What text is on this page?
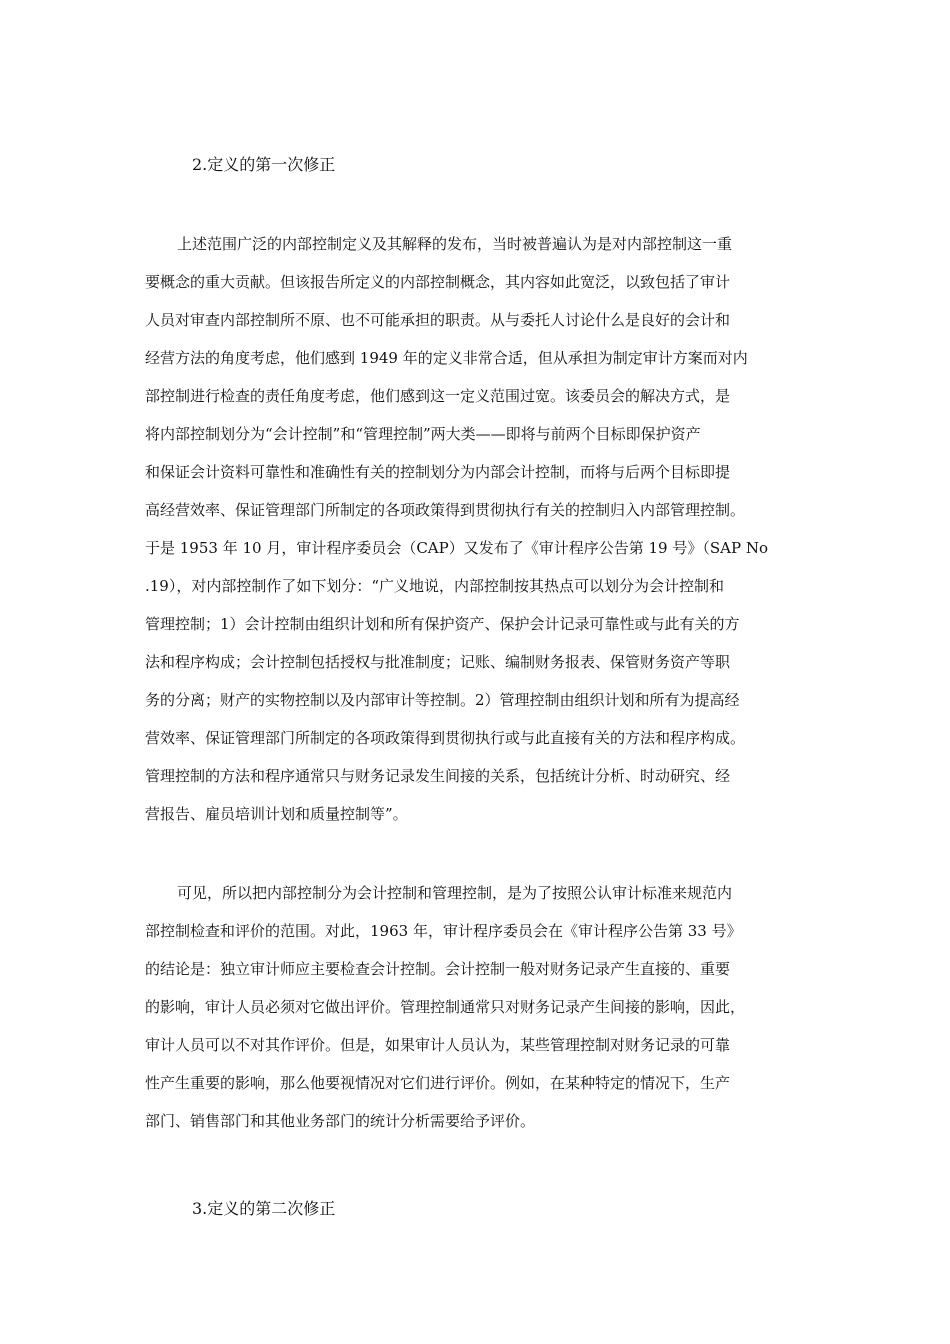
2.定义的第一次修正
上述范围广泛的内部控制定义及其解释的发布，当时被普遍认为是对内部控制这一重
要概念的重大贡献。但该报告所定义的内部控制概念，其内容如此宽泛，以致包括了审计
人员对审查内部控制所不原、也不可能承担的职责。从与委托人讨论什么是良好的会计和
经营方法的角度考虑，他们感到 1949 年的定义非常合适，但从承担为制定审计方案而对内
部控制进行检查的责任角度考虑，他们感到这一定义范围过宽。该委员会的解决方式，是
将内部控制划分为“会计控制”和“管理控制”两大类——即将与前两个目标即保护资产
和保证会计资料可靠性和准确性有关的控制划分为内部会计控制，而将与后两个目标即提
高经营效率、保证管理部门所制定的各项政策得到贯彻执行有关的控制归入内部管理控制。
于是 1953 年 10 月，审计程序委员会（CAP）又发布了《审计程序公告第 19 号》（SAP No
.19），对内部控制作了如下划分：“广义地说，内部控制按其热点可以划分为会计控制和
管理控制；1）会计控制由组织计划和所有保护资产、保护会计记录可靠性或与此有关的方
法和程序构成；会计控制包括授权与批准制度；记账、编制财务报表、保管财务资产等职
务的分离；财产的实物控制以及内部审计等控制。2）管理控制由组织计划和所有为提高经
营效率、保证管理部门所制定的各项政策得到贯彻执行或与此直接有关的方法和程序构成。
管理控制的方法和程序通常只与财务记录发生间接的关系，包括统计分析、时动研究、经
营报告、雇员培训计划和质量控制等”。
可见，所以把内部控制分为会计控制和管理控制，是为了按照公认审计标准来规范内
部控制检查和评价的范围。对此，1963 年，审计程序委员会在《审计程序公告第 33 号》
的结论是：独立审计师应主要检查会计控制。会计控制一般对财务记录产生直接的、重要
的影响，审计人员必须对它做出评价。管理控制通常只对财务记录产生间接的影响，因此，
审计人员可以不对其作评价。但是，如果审计人员认为，某些管理控制对财务记录的可靠
性产生重要的影响，那么他要视情况对它们进行评价。例如，在某种特定的情况下，生产
部门、销售部门和其他业务部门的统计分析需要给予评价。
3.定义的第二次修正
